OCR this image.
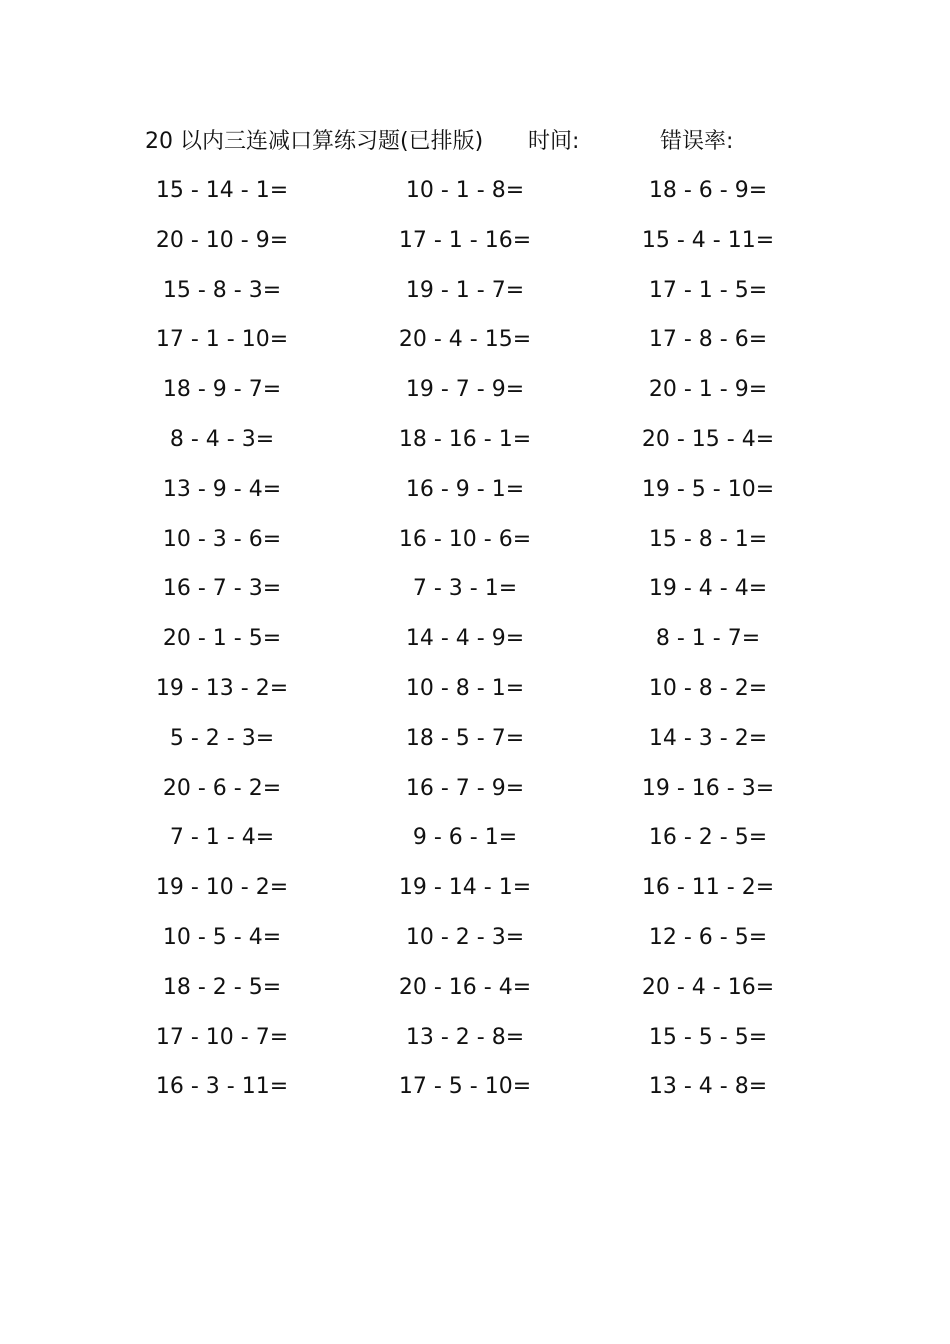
20 以内三连减口算练习题(已排版) 时间:	错误率:
15 - 14 - 1=	10 - 1 - 8=	18 - 6 - 9=
20 - 10 - 9=	17 - 1 - 16=	15 - 4 - 11=
15 - 8 - 3=	19 - 1 - 7=	17 - 1 - 5=
17 - 1 - 10=	20 - 4 - 15=	17 - 8 - 6=
18 - 9 - 7=	19 - 7 - 9=	20 - 1 - 9=
8 - 4 - 3=	18 - 16 - 1=	20 - 15 - 4=
13 - 9 - 4=	16 - 9 - 1=	19 - 5 - 10=
10 - 3 - 6=	16 - 10 - 6=	15 - 8 - 1=
16 - 7 - 3=	7 - 3 - 1=	19 - 4 - 4=
20 - 1 - 5=	14 - 4 - 9=	8 - 1 - 7=
19 - 13 - 2=	10 - 8 - 1=	10 - 8 - 2=
5 - 2 - 3=	18 - 5 - 7=	14 - 3 - 2=
20 - 6 - 2=	16 - 7 - 9=	19 - 16 - 3=
7 - 1 - 4=	9 - 6 - 1=	16 - 2 - 5=
19 - 10 - 2=	19 - 14 - 1=	16 - 11 - 2=
10 - 5 - 4=	10 - 2 - 3=	12 - 6 - 5=
18 - 2 - 5=	20 - 16 - 4=	20 - 4 - 16=
17 - 10 - 7=	13 - 2 - 8=	15 - 5 - 5=
16 - 3 - 11=	17 - 5 - 10=	13 - 4 - 8=
